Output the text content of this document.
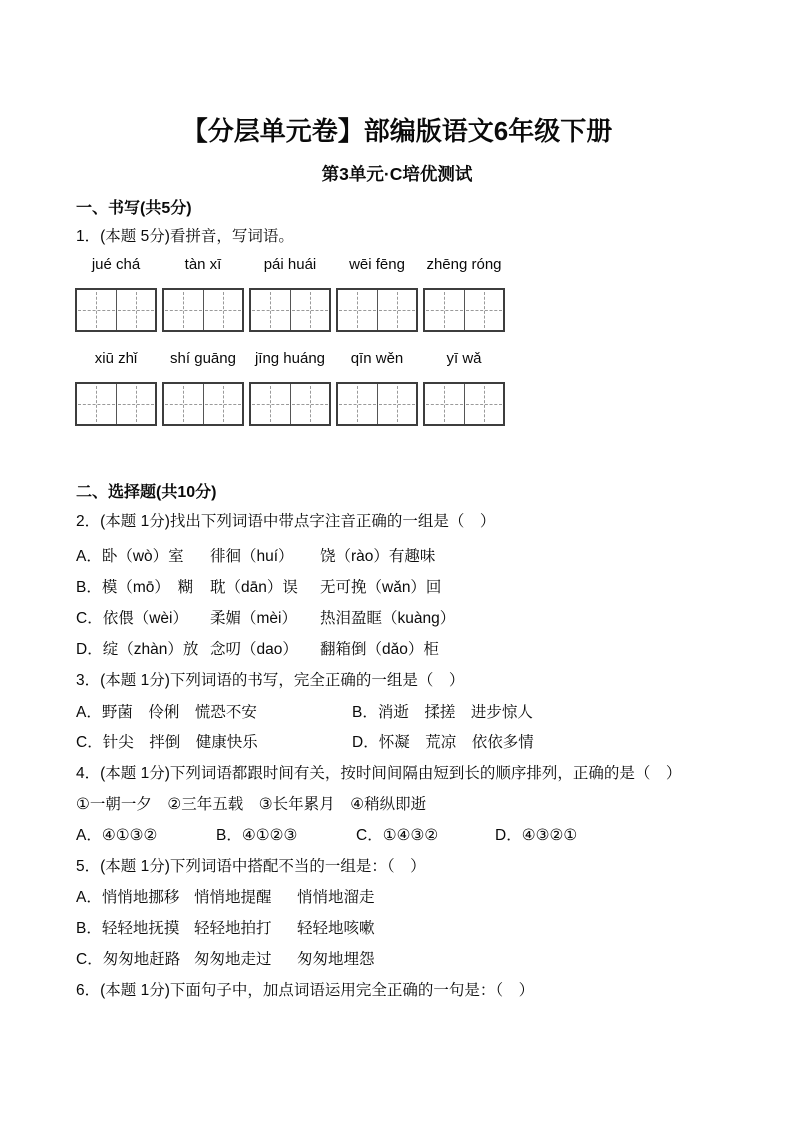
【分层单元卷】部编版语文6年级下册
第3单元·C培优测试
一、书写(共5分)
1．(本题 5分)看拼音，写词语。
jué chá	tàn xī	pái huái	wēi fēng	zhēng róng
xiū zhǐ	shí guāng	jīng huáng	qīn wěn	yī wǎ
二、选择题(共10分)
2．(本题 1分)找出下列词语中带点字注音正确的一组是（　）
A．卧（wò）室	徘徊（huí）	饶（rào）有趣味
B．模（mō）　糊	耽（dān）误	无可挽（wǎn）回
C．依偎（wèi）	柔媚（mèi）	热泪盈眶（kuàng）
D．绽（zhàn）放 念叨（dao）	翻箱倒（dǎo）柜
3．(本题 1分)下列词语的书写，完全正确的一组是（　）
A．野菌　伶俐　慌恐不安	B．消逝　揉搓　进步惊人
C．针尖　拌倒　健康快乐	D．怀凝　荒凉　依依多情
4．(本题 1分)下列词语都跟时间有关，按时间间隔由短到长的顺序排列，正确的是（　）
①一朝一夕　②三年五载　③长年累月　④稍纵即逝
A．④①③②	B．④①②③	C．①④③②	D．④③②①
5．(本题 1分)下列词语中搭配不当的一组是：（　）
A．悄悄地挪移 悄悄地提醒	悄悄地溜走
B．轻轻地抚摸 轻轻地拍打	轻轻地咳嗽
C．匆匆地赶路 匆匆地走过	匆匆地埋怨
6．(本题 1分)下面句子中，加点词语运用完全正确的一句是：（　）
